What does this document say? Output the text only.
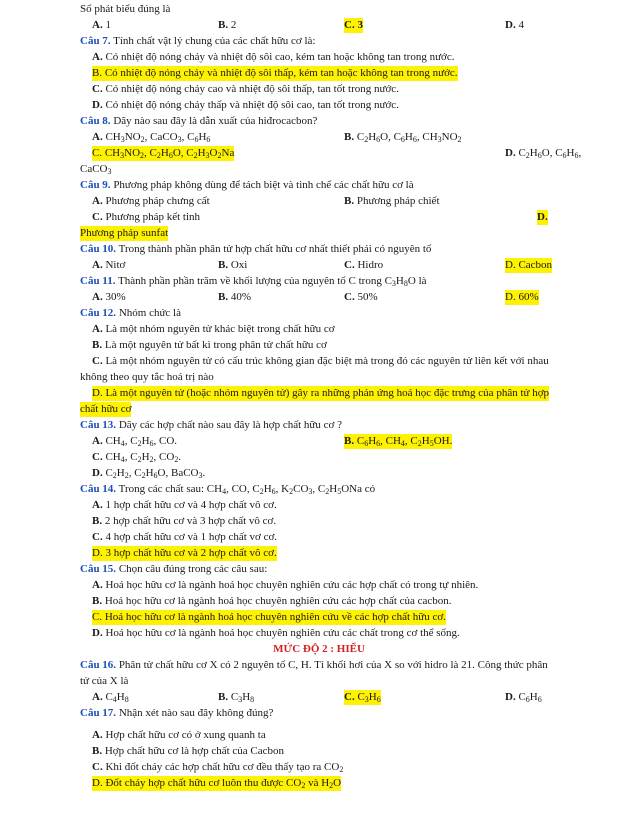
Số phát biểu đúng là
A. 1	B. 2	C. 3	D. 4
Câu 7. Tính chất vật lý chung của các chất hữu cơ là:
A. Có nhiệt độ nóng chảy và nhiệt độ sôi cao, kém tan hoặc không tan trong nước.
B. Có nhiệt độ nóng chảy và nhiệt độ sôi thấp, kém tan hoặc không tan trong nước.
C. Có nhiệt độ nóng chảy cao và nhiệt độ sôi thấp, tan tốt trong nước.
D. Có nhiệt độ nóng chảy thấp và nhiệt độ sôi cao, tan tốt trong nước.
Câu 8. Dãy nào sau đây là dẫn xuất của hiđrocacbon?
A. $CH_3NO_2$, CaCO$_3$, $C_6H_6$	B. $C_2H_6O$, $C_6H_6$, $CH_3NO_2$
C. $CH_3NO_2$, $C_2H_6O$, $C_2H_3O_2Na$	D. $C_2H_6O$, $C_6H_6$,
CaCO$_3$
Câu 9. Phương pháp không dùng để tách biệt và tinh chế các chất hữu cơ là
A. Phương pháp chưng cất	B. Phương pháp chiết
C. Phương pháp kết tinh	D.
Phương pháp sunfat
Câu 10. Trong thành phần phân tử hợp chất hữu cơ nhất thiết phải có nguyên tố
A. Nitơ	B. Oxi	C. Hidro	D. Cacbon
Câu 11. Thành phần phần trăm về khối lượng của nguyên tố C trong $C_3H_8O$ là
A. 30%	B. 40%	C. 50%	D. 60%
Câu 12. Nhóm chức là
A. Là một nhóm nguyên tử khác biệt trong chất hữu cơ
B. Là một nguyên tử bất kì trong phân tử chất hữu cơ
C. Là một nhóm nguyên tử có cấu trúc không gian đặc biệt mà trong đó các nguyên tử liên kết với nhau
không theo quy tắc hoá trị nào
D. Là một nguyên tử (hoặc nhóm nguyên tử) gây ra những phản ứng hoá học đặc trưng của phân tử hợp
chất hữu cơ
Câu 13. Dãy các hợp chất nào sau đây là hợp chất hữu cơ ?
A. $CH_4$, $C_2H_6$, CO.	B. $C_6H_6$, $CH_4$, $C_2H_5OH$.
C. $CH_4$, $C_2H_2$, $CO_2$.
D. $C_2H_2$, $C_2H_6O$, BaCO$_3$.
Câu 14. Trong các chất sau: $CH_4$, CO, $C_2H_6$, $K_2CO_3$, $C_2H_5ONa$ có
A. 1 hợp chất hữu cơ và 4 hợp chất vô cơ.
B. 2 hợp chất hữu cơ và 3 hợp chất vô cơ.
C. 4 hợp chất hữu cơ và 1 hợp chất vơ cơ.
D. 3 hợp chất hữu cơ và 2 hợp chất vô cơ.
Câu 15. Chọn câu đúng trong các câu sau:
A. Hoá học hữu cơ là ngành hoá học chuyên nghiên cứu các hợp chất có trong tự nhiên.
B. Hoá học hữu cơ là ngành hoá học chuyên nghiên cứu các hợp chất của cacbon.
C. Hoá học hữu cơ là ngành hoá học chuyên nghiên cứu về các hợp chất hữu cơ.
D. Hoá học hữu cơ là ngành hoá học chuyên nghiên cứu các chất trong cơ thể sống.
MỨC ĐỘ 2 : HIỂU
Câu 16. Phân tử chất hữu cơ X có 2 nguyên tố C, H. Tỉ khối hơi của X so với hidro là 21. Công thức phân
tử của X là
A. $C_4H_8$	B. $C_3H_8$	C. $C_3H_6$	D. $C_6H_6$
Câu 17. Nhận xét nào sau đây không đúng?
A. Hợp chất hữu cơ có ở xung quanh ta
B. Hợp chất hữu cơ là hợp chất của Cacbon
C. Khi đốt cháy các hợp chất hữu cơ đều thấy tạo ra $CO_2$
D. Đốt cháy hợp chất hữu cơ luôn thu được $CO_2$ và $H_2O$
